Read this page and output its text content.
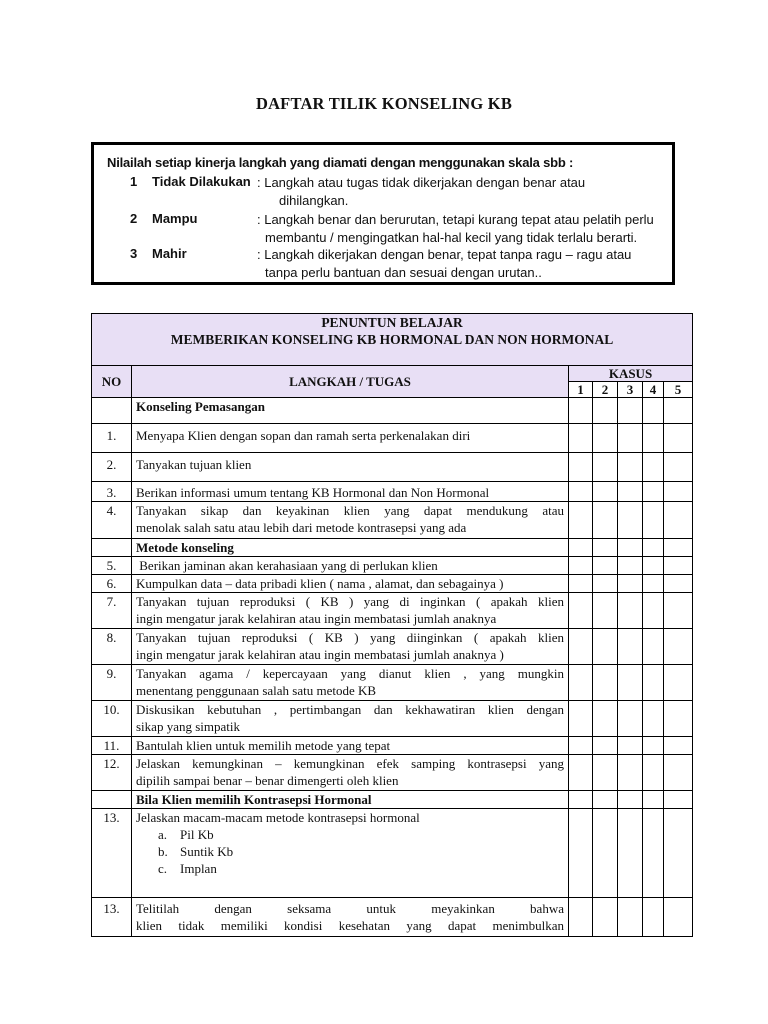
DAFTAR TILIK KONSELING KB
Nilailah setiap kinerja langkah yang diamati dengan menggunakan skala sbb :
1 Tidak Dilakukan : Langkah atau tugas tidak dikerjakan dengan benar atau
dihilangkan.
2 Mampu	: Langkah benar dan berurutan, tetapi kurang tepat atau pelatih perlu
membantu / mengingatkan hal-hal kecil yang tidak terlalu berarti.
3 Mahir	: Langkah dikerjakan dengan benar, tepat tanpa ragu – ragu atau
tanpa perlu bantuan dan sesuai dengan urutan..
PENUNTUN BELAJAR
MEMBERIKAN KONSELING KB HORMONAL DAN NON HORMONAL						

NO	LANGKAH / TUGAS	KASUS				
		1	2	3	4	5
	Konseling Pemasangan					
1.	Menyapa Klien dengan sopan dan ramah serta perkenalakan diri					
2.	Tanyakan tujuan klien					
3.	Berikan informasi umum tentang KB Hormonal dan Non Hormonal					
4.	Tanyakan sikap dan keyakinan klien yang dapat mendukung atau
menolak salah satu atau lebih dari metode kontrasepsi yang ada					

	Metode konseling					
5.	Berikan jaminan akan kerahasiaan yang di perlukan klien					
6.	Kumpulkan data – data pribadi klien ( nama , alamat, dan sebagainya )					
7.	Tanyakan tujuan reproduksi ( KB ) yang di inginkan ( apakah klien
ingin mengatur jarak kelahiran atau ingin membatasi jumlah anaknya					

8.	Tanyakan tujuan reproduksi ( KB ) yang diinginkan ( apakah klien
ingin mengatur jarak kelahiran atau ingin membatasi jumlah anaknya )					

9.	Tanyakan agama / kepercayaan yang dianut klien , yang mungkin
menentang penggunaan salah satu metode KB					

10.	Diskusikan kebutuhan , pertimbangan dan kekhawatiran klien dengan
sikap yang simpatik					

11.	Bantulah klien untuk memilih metode yang tepat					
12.	Jelaskan kemungkinan – kemungkinan efek samping kontrasepsi yang
dipilih sampai benar – benar dimengerti oleh klien					

	Bila Klien memilih Kontrasepsi Hormonal					
13.	Jelaskan macam-macam metode kontrasepsi hormonal
a. Pil Kb
b. Suntik Kb
c. Implan					

13.	Telitilah dengan seksama untuk meyakinkan bahwa
klien tidak memiliki kondisi kesehatan yang dapat menimbulkan					
